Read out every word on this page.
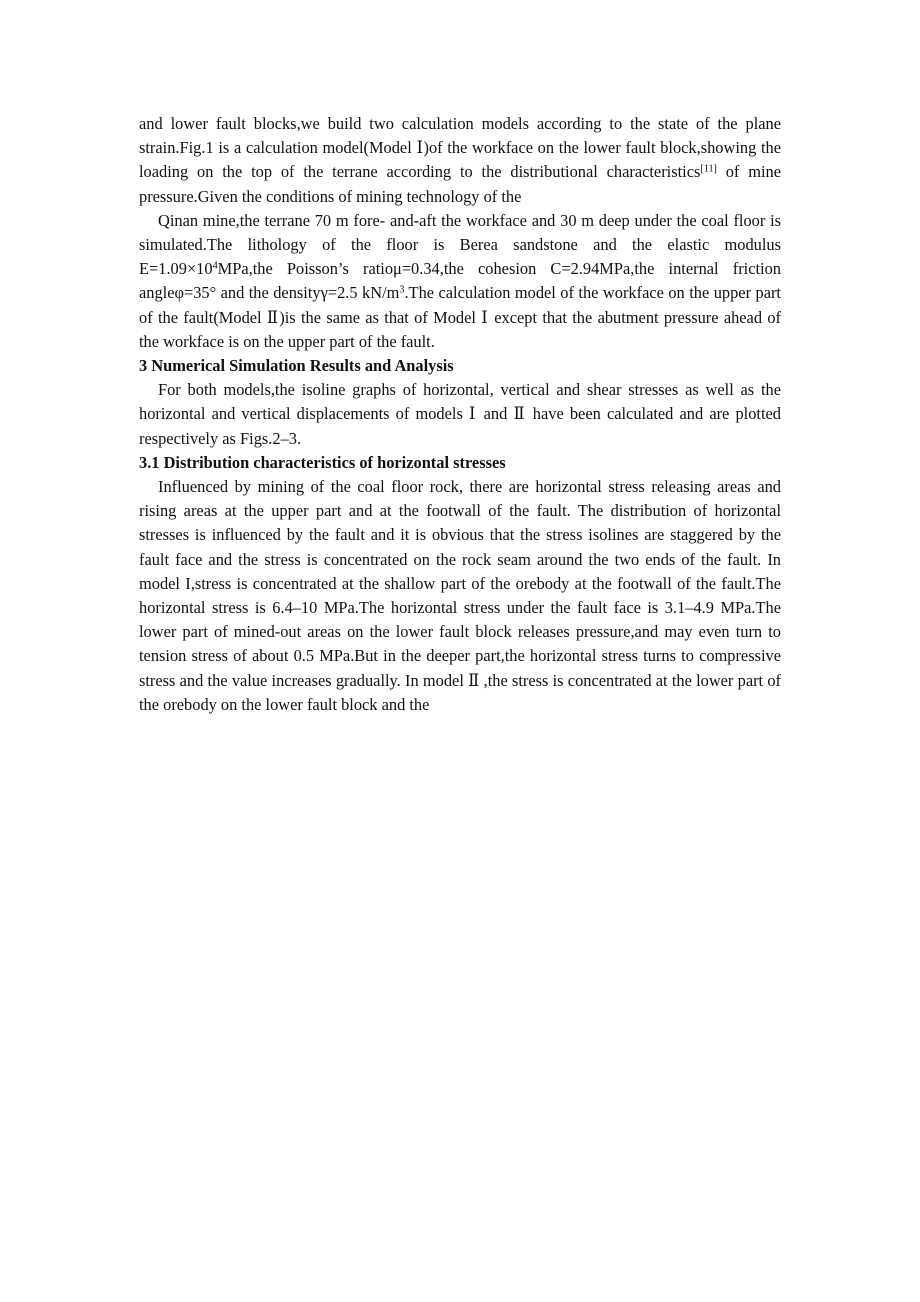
and lower fault blocks,we build two calculation models according to the state of the plane strain.Fig.1 is a calculation model(Model Ⅰ)of the workface on the lower fault block,showing the loading on the top of the terrane according to the distributional characteristics[11] of mine pressure.Given the conditions of mining technology of the

Qinan mine,the terrane 70 m fore- and-aft the workface and 30 m deep under the coal floor is simulated.The lithology of the floor is Berea sandstone and the elastic modulus $E=1.09\times 10^4MPa,the$ Poisson’s ratioμ=0.34,the cohesion C=2.94MPa,the internal friction angleφ=35° and the densityγ=2.5 $kN/m^3.The$ calculation model of the workface on the upper part of the fault(Model Ⅱ)is the same as that of Model Ⅰ except that the abutment pressure ahead of the workface is on the upper part of the fault.

3 Numerical Simulation Results and Analysis

For both models,the isoline graphs of horizontal, vertical and shear stresses as well as the horizontal and vertical displacements of models Ⅰ and Ⅱ have been calculated and are plotted respectively as Figs.2–3.

3.1 Distribution characteristics of horizontal stresses

Influenced by mining of the coal floor rock, there are horizontal stress releasing areas and rising areas at the upper part and at the footwall of the fault. The distribution of horizontal stresses is influenced by the fault and it is obvious that the stress isolines are staggered by the fault face and the stress is concentrated on the rock seam around the two ends of the fault. In model I,stress is concentrated at the shallow part of the orebody at the footwall of the fault.The horizontal stress is 6.4–10 MPa.The horizontal stress under the fault face is 3.1–4.9 MPa.The lower part of mined-out areas on the lower fault block releases pressure,and may even turn to tension stress of about 0.5 MPa.But in the deeper part,the horizontal stress turns to compressive stress and the value increases gradually. In model Ⅱ ,the stress is concentrated at the lower part of the orebody on the lower fault block and the
